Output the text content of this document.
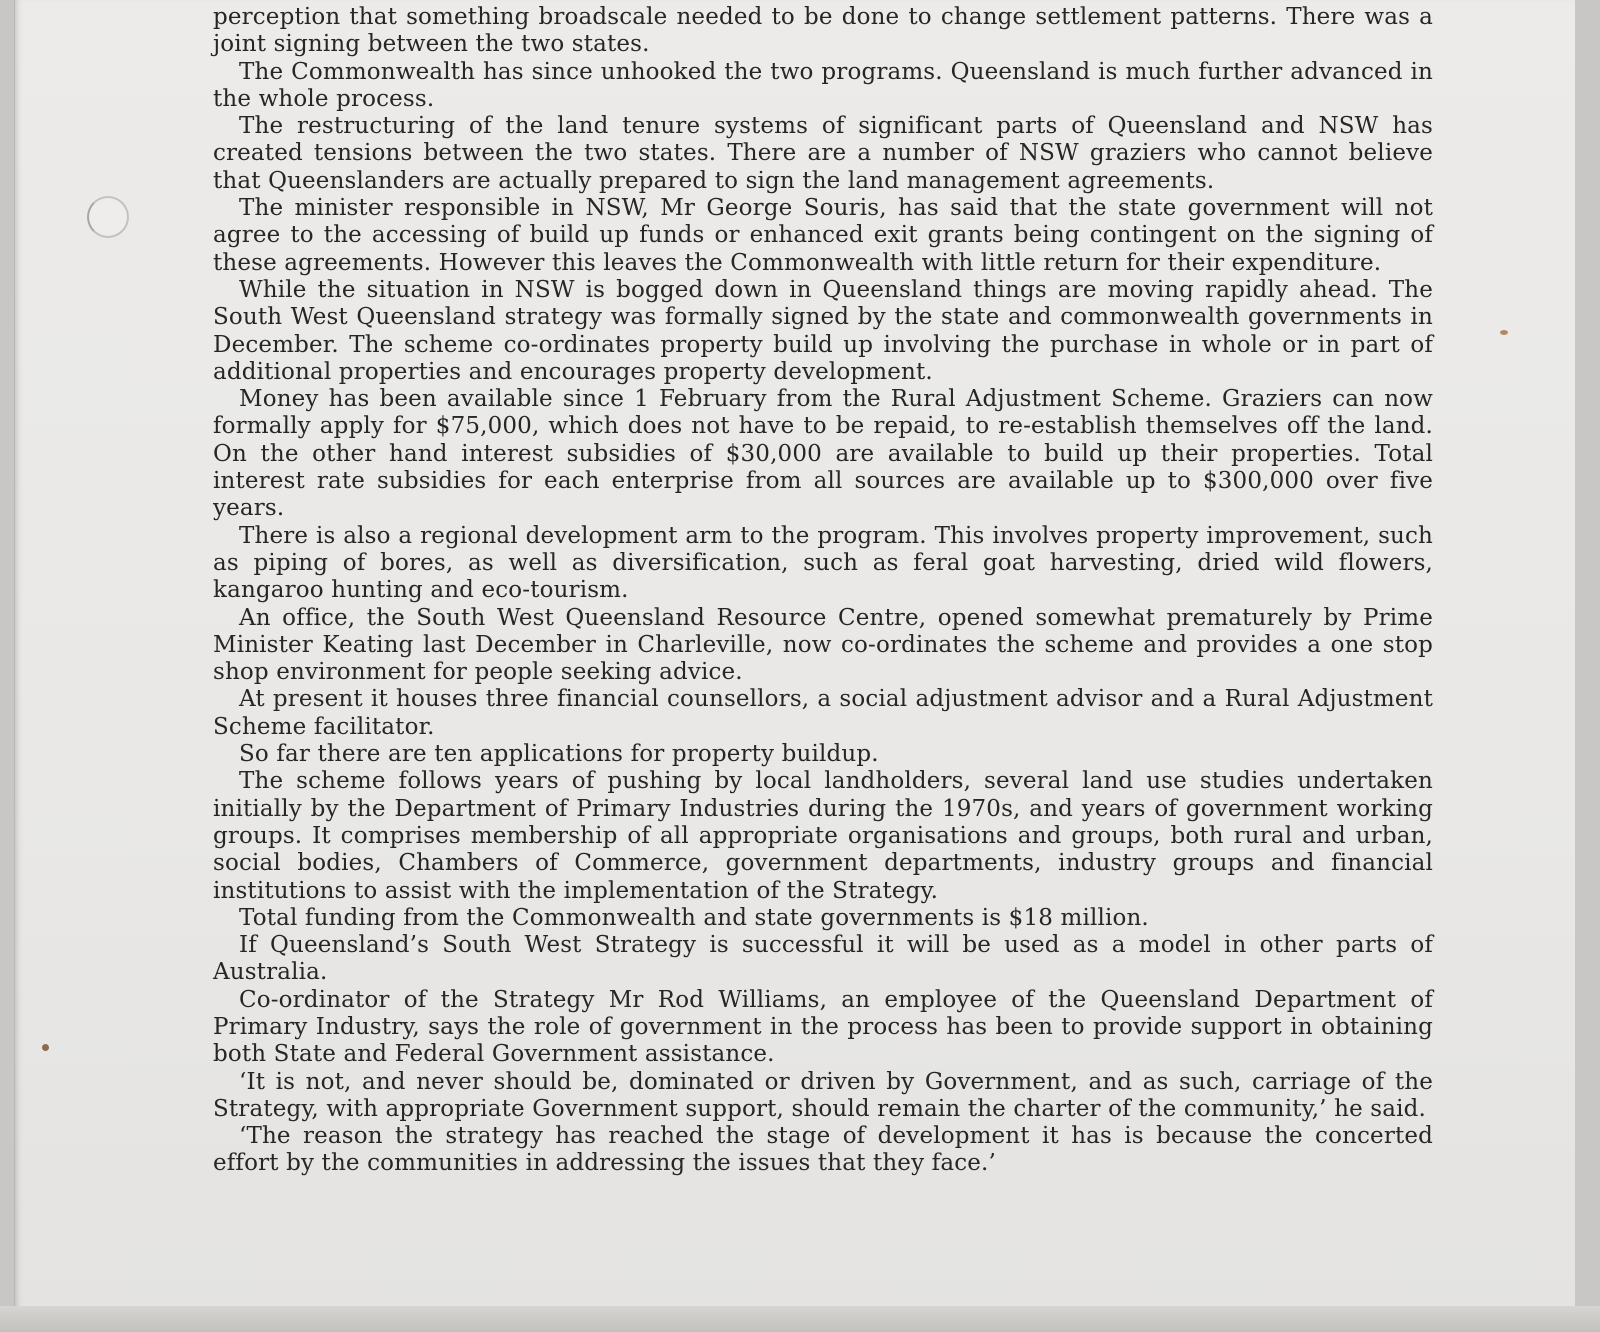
perception that something broadscale needed to be done to change settlement patterns. There was a joint signing between the two states.

The Commonwealth has since unhooked the two programs. Queensland is much further advanced in the whole process.

The restructuring of the land tenure systems of significant parts of Queensland and NSW has created tensions between the two states. There are a number of NSW graziers who cannot believe that Queenslanders are actually prepared to sign the land management agreements.

The minister responsible in NSW, Mr George Souris, has said that the state government will not agree to the accessing of build up funds or enhanced exit grants being contingent on the signing of these agreements. However this leaves the Commonwealth with little return for their expenditure.

While the situation in NSW is bogged down in Queensland things are moving rapidly ahead. The South West Queensland strategy was formally signed by the state and commonwealth governments in December. The scheme co-ordinates property build up involving the purchase in whole or in part of additional properties and encourages property development.

Money has been available since 1 February from the Rural Adjustment Scheme. Graziers can now formally apply for $75,000, which does not have to be repaid, to re-establish themselves off the land. On the other hand interest subsidies of $30,000 are available to build up their properties. Total interest rate subsidies for each enterprise from all sources are available up to $300,000 over five years.

There is also a regional development arm to the program. This involves property improvement, such as piping of bores, as well as diversification, such as feral goat harvesting, dried wild flowers, kangaroo hunting and eco-tourism.

An office, the South West Queensland Resource Centre, opened somewhat prematurely by Prime Minister Keating last December in Charleville, now co-ordinates the scheme and provides a one stop shop environment for people seeking advice.

At present it houses three financial counsellors, a social adjustment advisor and a Rural Adjustment Scheme facilitator.

So far there are ten applications for property buildup.

The scheme follows years of pushing by local landholders, several land use studies undertaken initially by the Department of Primary Industries during the 1970s, and years of government working groups. It comprises membership of all appropriate organisations and groups, both rural and urban, social bodies, Chambers of Commerce, government departments, industry groups and financial institutions to assist with the implementation of the Strategy.

Total funding from the Commonwealth and state governments is $18 million.

If Queensland’s South West Strategy is successful it will be used as a model in other parts of Australia.

Co-ordinator of the Strategy Mr Rod Williams, an employee of the Queensland Department of Primary Industry, says the role of government in the process has been to provide support in obtaining both State and Federal Government assistance.

‘It is not, and never should be, dominated or driven by Government, and as such, carriage of the Strategy, with appropriate Government support, should remain the charter of the community,’ he said.

‘The reason the strategy has reached the stage of development it has is because the concerted effort by the communities in addressing the issues that they face.’
